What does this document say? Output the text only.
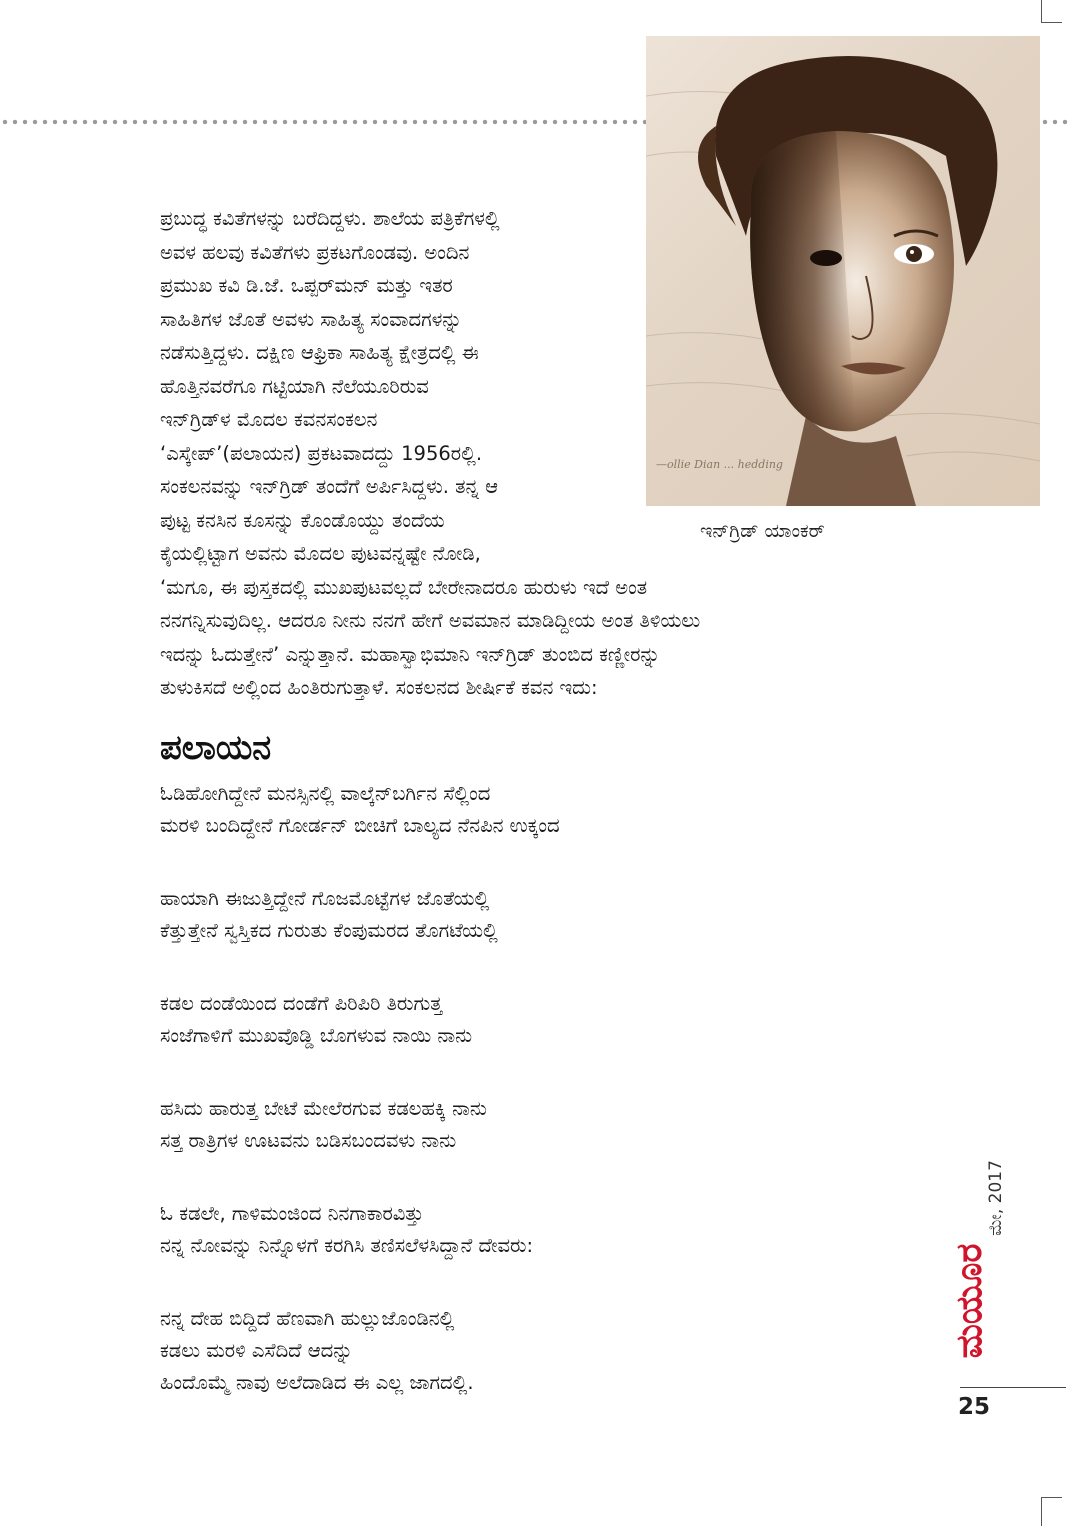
—ollie Dian ... hedding
ಇನ್‌ಗ್ರಿಡ್ ಯಾಂಕರ್
ಪ್ರಬುದ್ಧ ಕವಿತೆಗಳನ್ನು ಬರೆದಿದ್ದಳು. ಶಾಲೆಯ ಪತ್ರಿಕೆಗಳಲ್ಲಿ
ಅವಳ ಹಲವು ಕವಿತೆಗಳು ಪ್ರಕಟಗೊಂಡವು. ಅಂದಿನ
ಪ್ರಮುಖ ಕವಿ ಡಿ.ಜೆ. ಒಪ್ಪರ್‌ಮನ್ ಮತ್ತು ಇತರ
ಸಾಹಿತಿಗಳ ಜೊತೆ ಅವಳು ಸಾಹಿತ್ಯ ಸಂವಾದಗಳನ್ನು
ನಡೆಸುತ್ತಿದ್ದಳು. ದಕ್ಷಿಣ ಆಫ್ರಿಕಾ ಸಾಹಿತ್ಯ ಕ್ಷೇತ್ರದಲ್ಲಿ ಈ
ಹೊತ್ತಿನವರೆಗೂ ಗಟ್ಟಿಯಾಗಿ ನೆಲೆಯೂರಿರುವ
ಇನ್‌ಗ್ರಿಡ್‌ಳ ಮೊದಲ ಕವನಸಂಕಲನ
‘ಎಸ್ಕೇಪ್’(ಪಲಾಯನ) ಪ್ರಕಟವಾದದ್ದು 1956ರಲ್ಲಿ.
ಸಂಕಲನವನ್ನು ಇನ್‌ಗ್ರಿಡ್ ತಂದೆಗೆ ಅರ್ಪಿಸಿದ್ದಳು. ತನ್ನ ಆ
ಪುಟ್ಟ ಕನಸಿನ ಕೂಸನ್ನು ಕೊಂಡೊಯ್ದು ತಂದೆಯ
ಕೈಯಲ್ಲಿಟ್ಟಾಗ ಅವನು ಮೊದಲ ಪುಟವನ್ನಷ್ಟೇ ನೋಡಿ,
‘ಮಗೂ, ಈ ಪುಸ್ತಕದಲ್ಲಿ ಮುಖಪುಟವಲ್ಲದೆ ಬೇರೇನಾದರೂ ಹುರುಳು ಇದೆ ಅಂತ
ನನಗನ್ನಿಸುವುದಿಲ್ಲ. ಆದರೂ ನೀನು ನನಗೆ ಹೇಗೆ ಅವಮಾನ ಮಾಡಿದ್ದೀಯ ಅಂತ ತಿಳಿಯಲು
ಇದನ್ನು ಓದುತ್ತೇನೆ’ ಎನ್ನುತ್ತಾನೆ. ಮಹಾಸ್ವಾಭಿಮಾನಿ ಇನ್‌ಗ್ರಿಡ್ ತುಂಬಿದ ಕಣ್ಣೀರನ್ನು
ತುಳುಕಿಸದೆ ಅಲ್ಲಿಂದ ಹಿಂತಿರುಗುತ್ತಾಳೆ. ಸಂಕಲನದ ಶೀರ್ಷಿಕೆ ಕವನ ಇದು:
ಪಲಾಯನ
ಓಡಿಹೋಗಿದ್ದೇನೆ ಮನಸ್ಸಿನಲ್ಲಿ ವಾಲ್ಕೆನ್‌ಬರ್ಗಿನ ಸೆಲ್ಲಿಂದ
ಮರಳಿ ಬಂದಿದ್ದೇನೆ ಗೋರ್ಡನ್ ಬೀಚಿಗೆ ಬಾಲ್ಯದ ನೆನಪಿನ ಉಕ್ಕಂದ
ಹಾಯಾಗಿ ಈಜುತ್ತಿದ್ದೇನೆ ಗೊಜಮೊಟ್ಟೆಗಳ ಜೊತೆಯಲ್ಲಿ
ಕೆತ್ತುತ್ತೇನೆ ಸ್ವಸ್ತಿಕದ ಗುರುತು ಕೆಂಪುಮರದ ತೊಗಟೆಯಲ್ಲಿ
ಕಡಲ ದಂಡೆಯಿಂದ ದಂಡೆಗೆ ಪಿರಿಪಿರಿ ತಿರುಗುತ್ತ
ಸಂಜೆಗಾಳಿಗೆ ಮುಖವೊಡ್ಡಿ ಬೊಗಳುವ ನಾಯಿ ನಾನು
ಹಸಿದು ಹಾರುತ್ತ ಬೇಟೆ ಮೇಲೆರಗುವ ಕಡಲಹಕ್ಕಿ ನಾನು
ಸತ್ತ ರಾತ್ರಿಗಳ ಊಟವನು ಬಡಿಸಬಂದವಳು ನಾನು
ಓ ಕಡಲೇ, ಗಾಳಿಮಂಜಿಂದ ನಿನಗಾಕಾರವಿತ್ತು
ನನ್ನ ನೋವನ್ನು ನಿನ್ನೊಳಗೆ ಕರಗಿಸಿ ತಣಿಸಲೆಳಸಿದ್ದಾನೆ ದೇವರು:
ನನ್ನ ದೇಹ ಬಿದ್ದಿದೆ ಹೆಣವಾಗಿ ಹುಲ್ಲುಜೊಂಡಿನಲ್ಲಿ
ಕಡಲು ಮರಳಿ ಎಸೆದಿದೆ ಆದನ್ನು
ಹಿಂದೊಮ್ಮೆ ನಾವು ಅಲೆದಾಡಿದ ಈ ಎಲ್ಲ ಜಾಗದಲ್ಲಿ.
ಮೇ, 2017
ಮಯೂರ
25
